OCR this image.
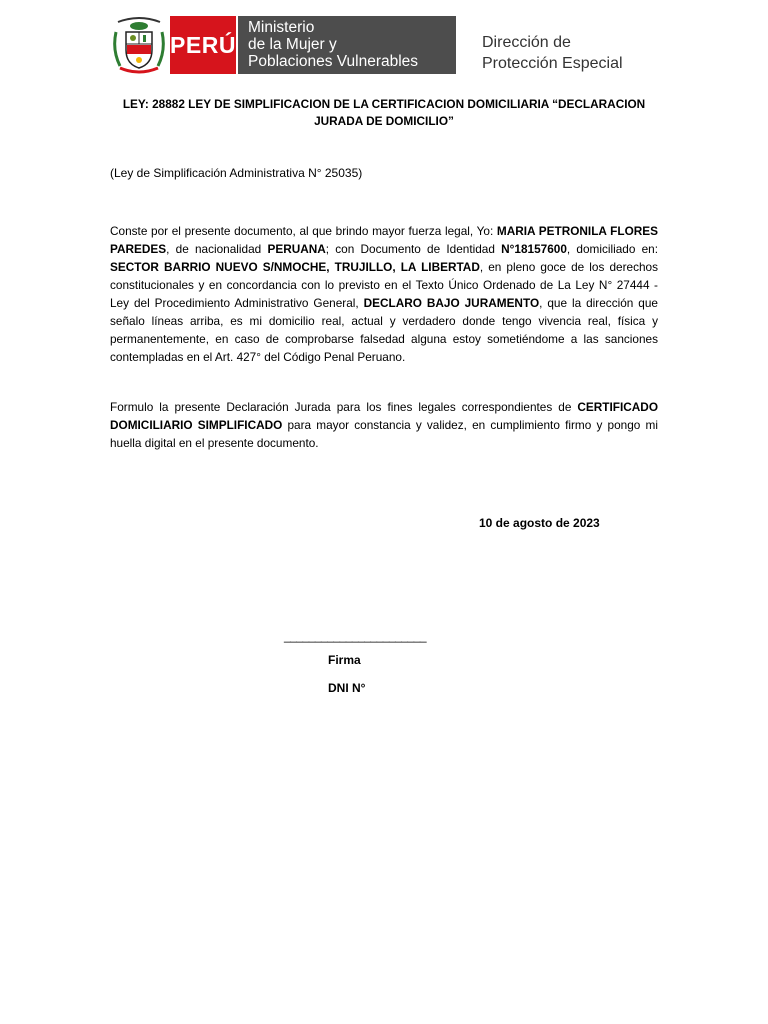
PERÚ
Ministerio
de la Mujer y
Poblaciones Vulnerables
Dirección de
Protección Especial
LEY: 28882 LEY DE SIMPLIFICACION DE LA CERTIFICACION DOMICILIARIA “DECLARACION JURADA DE DOMICILIO”
(Ley de Simplificación Administrativa N° 25035)
Conste por el presente documento, al que brindo mayor fuerza legal, Yo: MARIA PETRONILA FLORES PAREDES, de nacionalidad PERUANA; con Documento de Identidad N°18157600, domiciliado en: SECTOR BARRIO NUEVO S/NMOCHE, TRUJILLO, LA LIBERTAD, en pleno goce de los derechos constitucionales y en concordancia con lo previsto en el Texto Único Ordenado de La Ley N° 27444 - Ley del Procedimiento Administrativo General, DECLARO BAJO JURAMENTO, que la dirección que señalo líneas arriba, es mi domicilio real, actual y verdadero donde tengo vivencia real, física y permanentemente, en caso de comprobarse falsedad alguna estoy sometiéndome a las sanciones contempladas en el Art. 427° del Código Penal Peruano.
Formulo la presente Declaración Jurada para los fines legales correspondientes de CERTIFICADO DOMICILIARIO SIMPLIFICADO para mayor constancia y validez, en cumplimiento firmo y pongo mi huella digital en el presente documento.
10 de agosto de 2023
_______________________
Firma
DNI N°
